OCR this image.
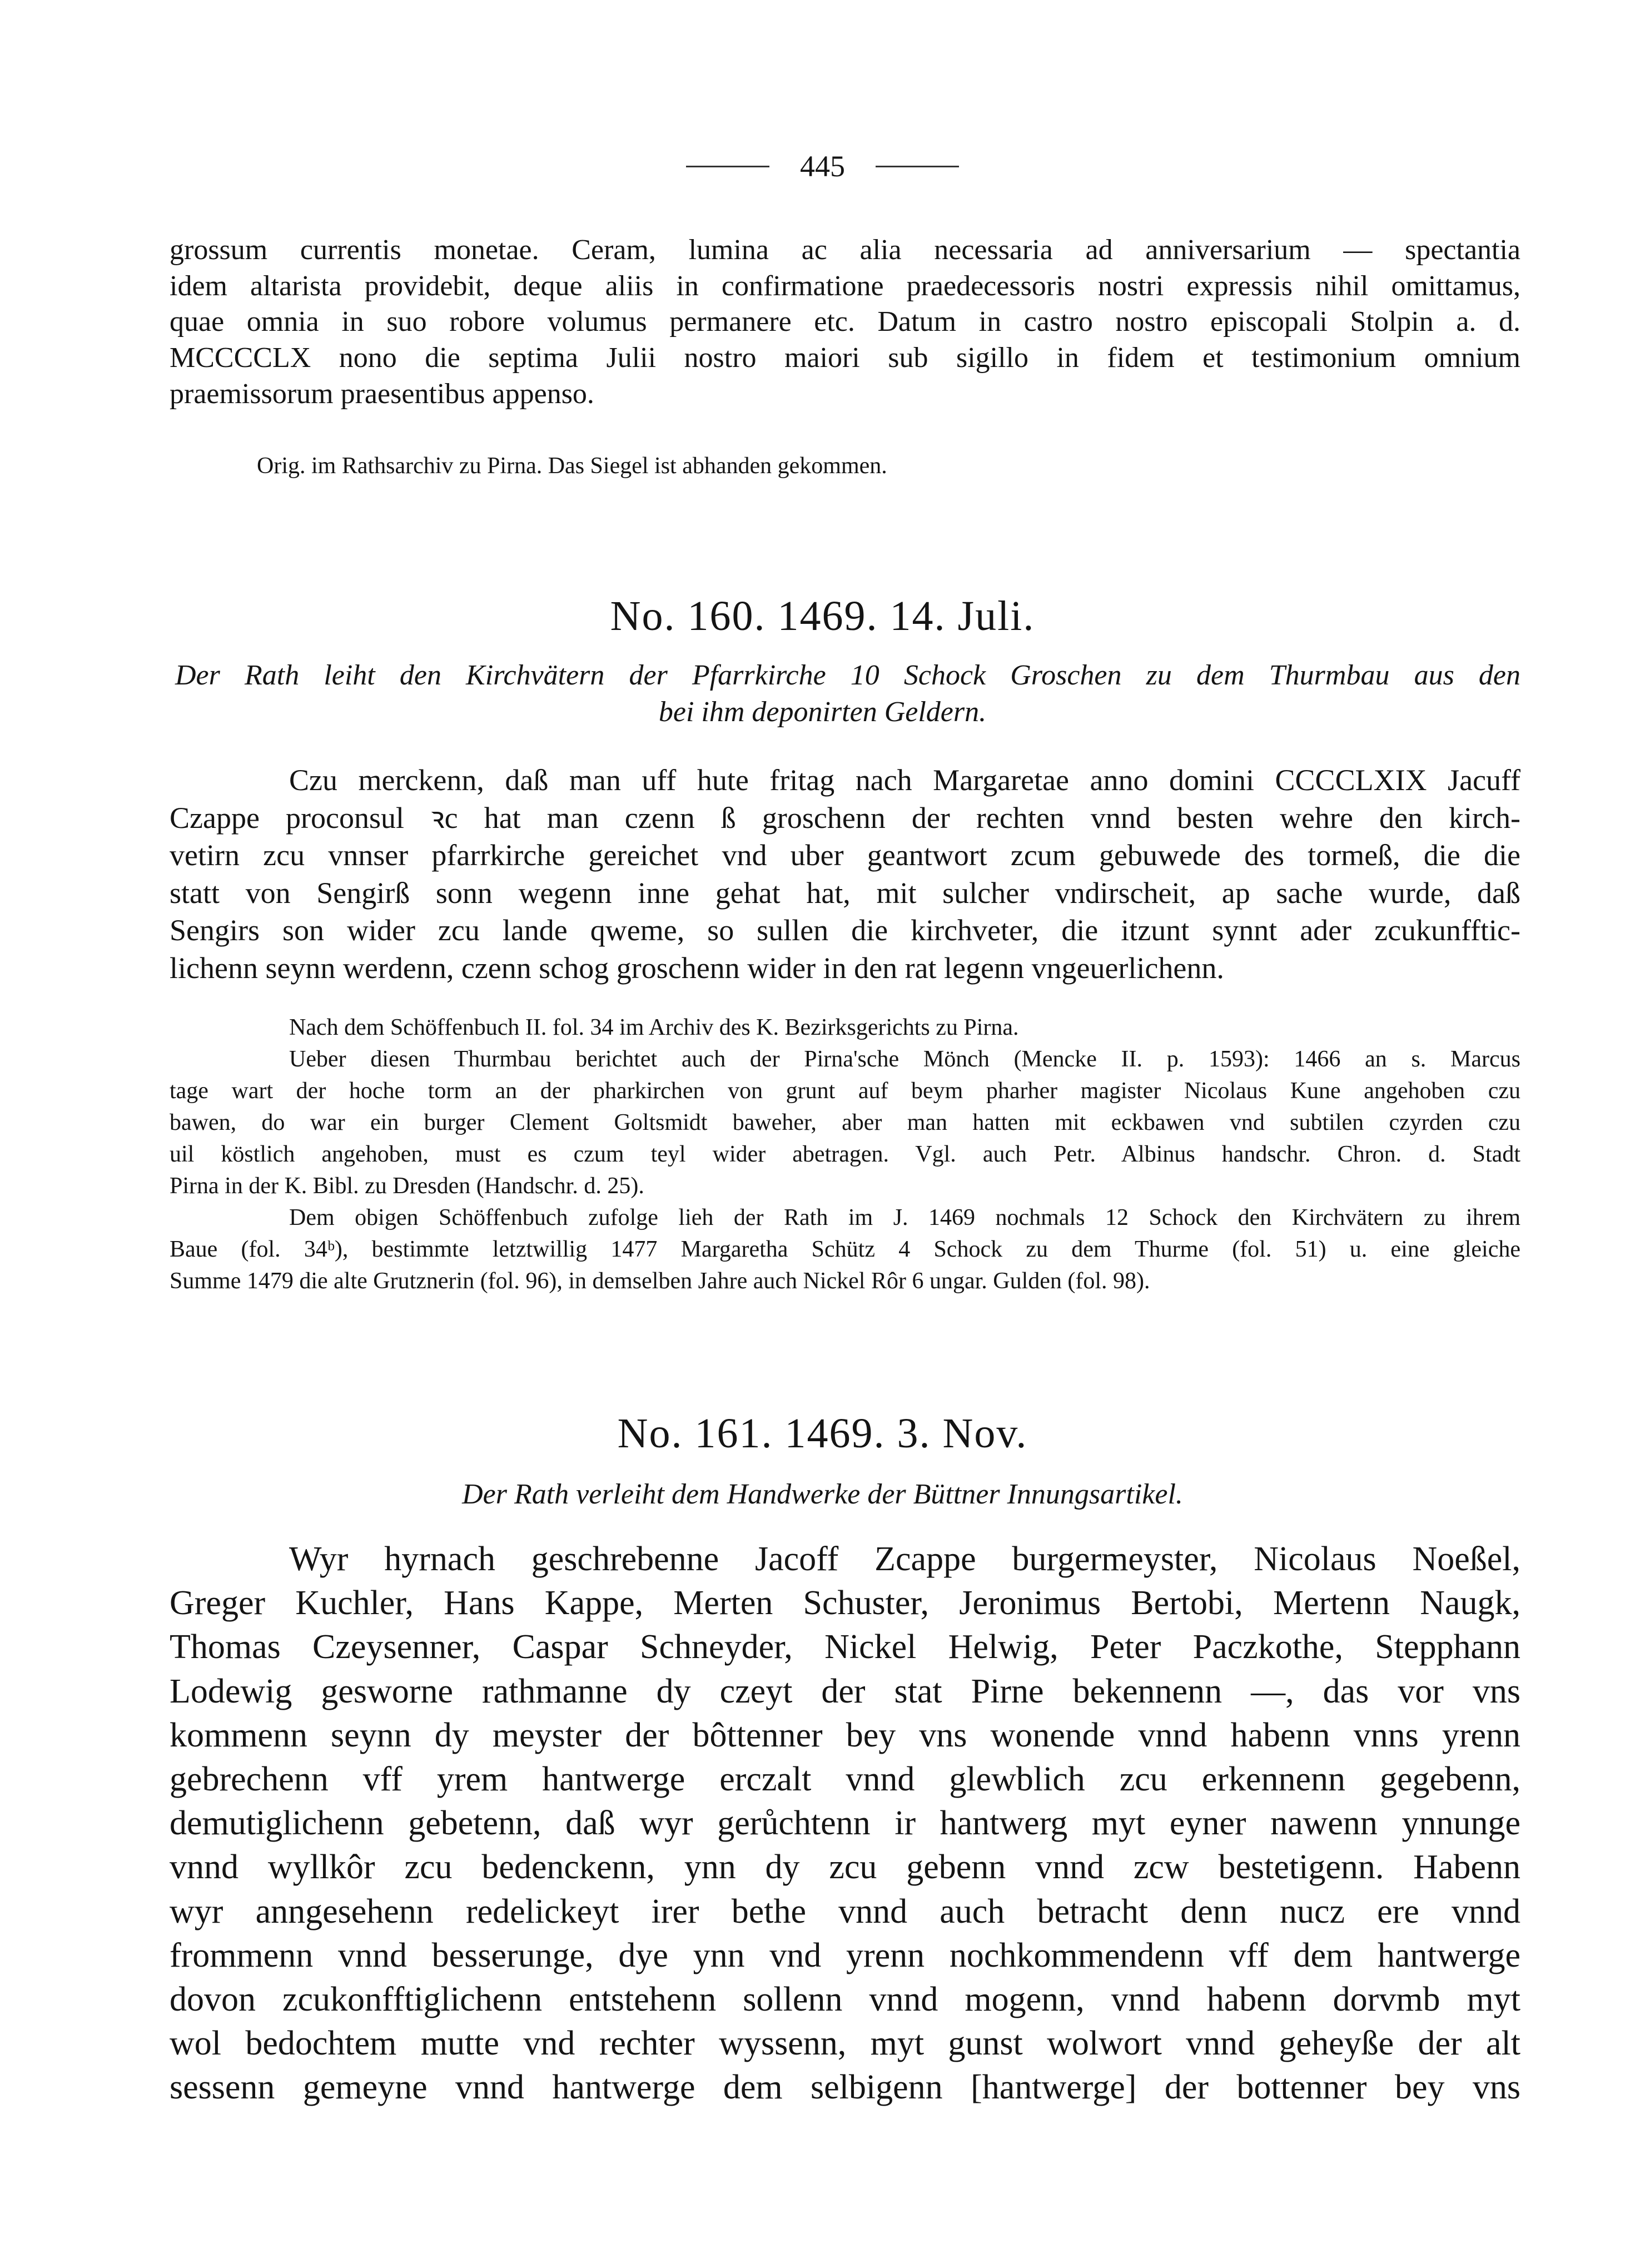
445
grossum currentis monetae. Ceram, lumina ac alia necessaria ad anniversarium — spectantia
idem altarista providebit, deque aliis in confirmatione praedecessoris nostri expressis nihil omittamus,
quae omnia in suo robore volumus permanere etc. Datum in castro nostro episcopali Stolpin a. d.
MCCCCLX nono die septima Julii nostro maiori sub sigillo in fidem et testimonium omnium
praemissorum praesentibus appenso.
Orig. im Rathsarchiv zu Pirna. Das Siegel ist abhanden gekommen.
No. 160. 1469. 14. Juli.
Der Rath leiht den Kirchvätern der Pfarrkirche 10 Schock Groschen zu dem Thurmbau aus den
bei ihm deponirten Geldern.
Czu merckenn, daß man uff hute fritag nach Margaretae anno domini CCCCLXIX Jacuff
Czappe proconsul ꝛc hat man czenn ß groschenn der rechten vnnd besten wehre den kirch-
vetirn zcu vnnser pfarrkirche gereichet vnd uber geantwort zcum gebuwede des tormeß, die die
statt von Sengirß sonn wegenn inne gehat hat, mit sulcher vndirscheit, ap sache wurde, daß
Sengirs son wider zcu lande qweme, so sullen die kirchveter, die itzunt synnt ader zcukunfftic-
lichenn seynn werdenn, czenn schog groschenn wider in den rat legenn vngeuerlichenn.
Nach dem Schöffenbuch II. fol. 34 im Archiv des K. Bezirksgerichts zu Pirna.
Ueber diesen Thurmbau berichtet auch der Pirna'sche Mönch (Mencke II. p. 1593): 1466 an s. Marcus
tage wart der hoche torm an der pharkirchen von grunt auf beym pharher magister Nicolaus Kune angehoben czu
bawen, do war ein burger Clement Goltsmidt baweher, aber man hatten mit eckbawen vnd subtilen czyrden czu
uil köstlich angehoben, must es czum teyl wider abetragen. Vgl. auch Petr. Albinus handschr. Chron. d. Stadt
Pirna in der K. Bibl. zu Dresden (Handschr. d. 25).
Dem obigen Schöffenbuch zufolge lieh der Rath im J. 1469 nochmals 12 Schock den Kirchvätern zu ihrem
Baue (fol. 34ᵇ), bestimmte letztwillig 1477 Margaretha Schütz 4 Schock zu dem Thurme (fol. 51) u. eine gleiche
Summe 1479 die alte Grutznerin (fol. 96), in demselben Jahre auch Nickel Rôr 6 ungar. Gulden (fol. 98).
No. 161. 1469. 3. Nov.
Der Rath verleiht dem Handwerke der Büttner Innungsartikel.
Wyr hyrnach geschrebenne Jacoff Zcappe burgermeyster, Nicolaus Noeßel,
Greger Kuchler, Hans Kappe, Merten Schuster, Jeronimus Bertobi, Mertenn Naugk,
Thomas Czeysenner, Caspar Schneyder, Nickel Helwig, Peter Paczkothe, Stepphann
Lodewig gesworne rathmanne dy czeyt der stat Pirne bekennenn —, das vor vns
kommenn seynn dy meyster der bôttenner bey vns wonende vnnd habenn vnns yrenn
gebrechenn vff yrem hantwerge erczalt vnnd glewblich zcu erkennenn gegebenn,
demutiglichenn gebetenn, daß wyr gerůchtenn ir hantwerg myt eyner nawenn ynnunge
vnnd wyllkôr zcu bedenckenn, ynn dy zcu gebenn vnnd zcw bestetigenn. Habenn
wyr anngesehenn redelickeyt irer bethe vnnd auch betracht denn nucz ere vnnd
frommenn vnnd besserunge, dye ynn vnd yrenn nochkommendenn vff dem hantwerge
dovon zcukonfftiglichenn entstehenn sollenn vnnd mogenn, vnnd habenn dorvmb myt
wol bedochtem mutte vnd rechter wyssenn, myt gunst wolwort vnnd geheyße der alt
sessenn gemeyne vnnd hantwerge dem selbigenn [hantwerge] der bottenner bey vns
